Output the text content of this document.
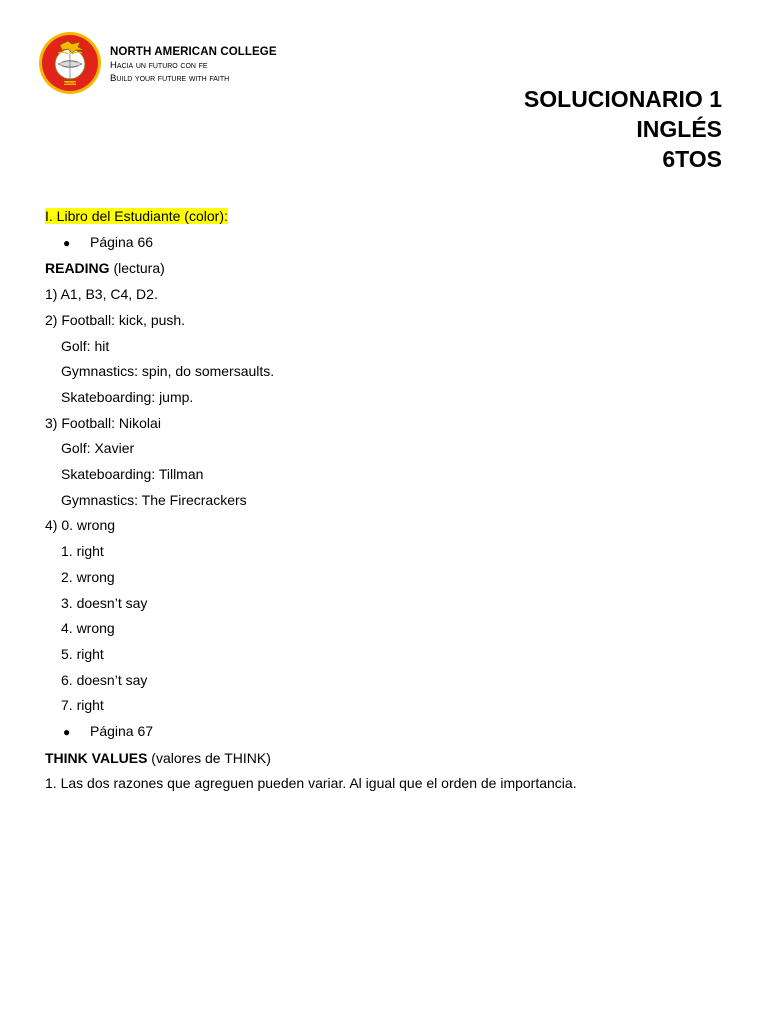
NACSCH
NORTH AMERICAN COLLEGE
Hacia un futuro con fe
Build your future with faith
SOLUCIONARIO 1
INGLÉS
6TOS
I. Libro del Estudiante (color):
● Página 66
READING (lectura)
1) A1, B3, C4, D2.
2) Football: kick, push.
Golf: hit
Gymnastics: spin, do somersaults.
Skateboarding: jump.
3) Football: Nikolai
Golf: Xavier
Skateboarding: Tillman
Gymnastics: The Firecrackers
4) 0. wrong
1. right
2. wrong
3. doesn’t say
4. wrong
5. right
6. doesn’t say
7. right
● Página 67
THINK VALUES (valores de THINK)
1. Las dos razones que agreguen pueden variar. Al igual que el orden de importancia.
